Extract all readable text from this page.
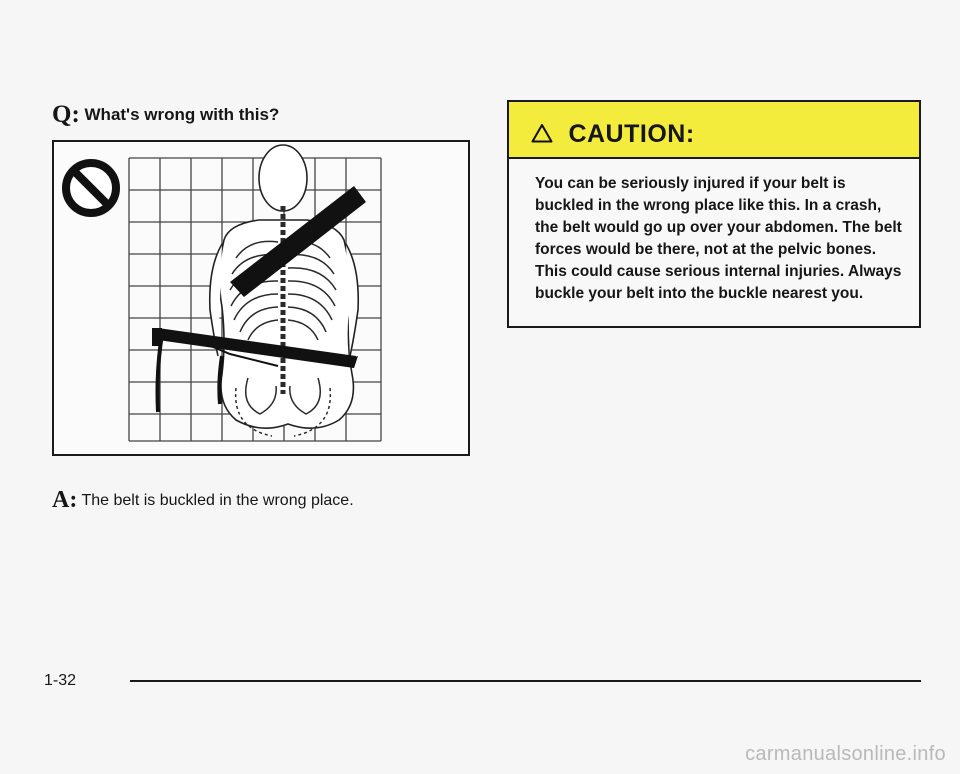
Q: What's wrong with this?

A: The belt is buckled in the wrong place.

CAUTION:

You can be seriously injured if your belt is buckled in the wrong place like this. In a crash, the belt would go up over your abdomen. The belt forces would be there, not at the pelvic bones. This could cause serious internal injuries. Always buckle your belt into the buckle nearest you.

1-32
carmanualsonline.info
